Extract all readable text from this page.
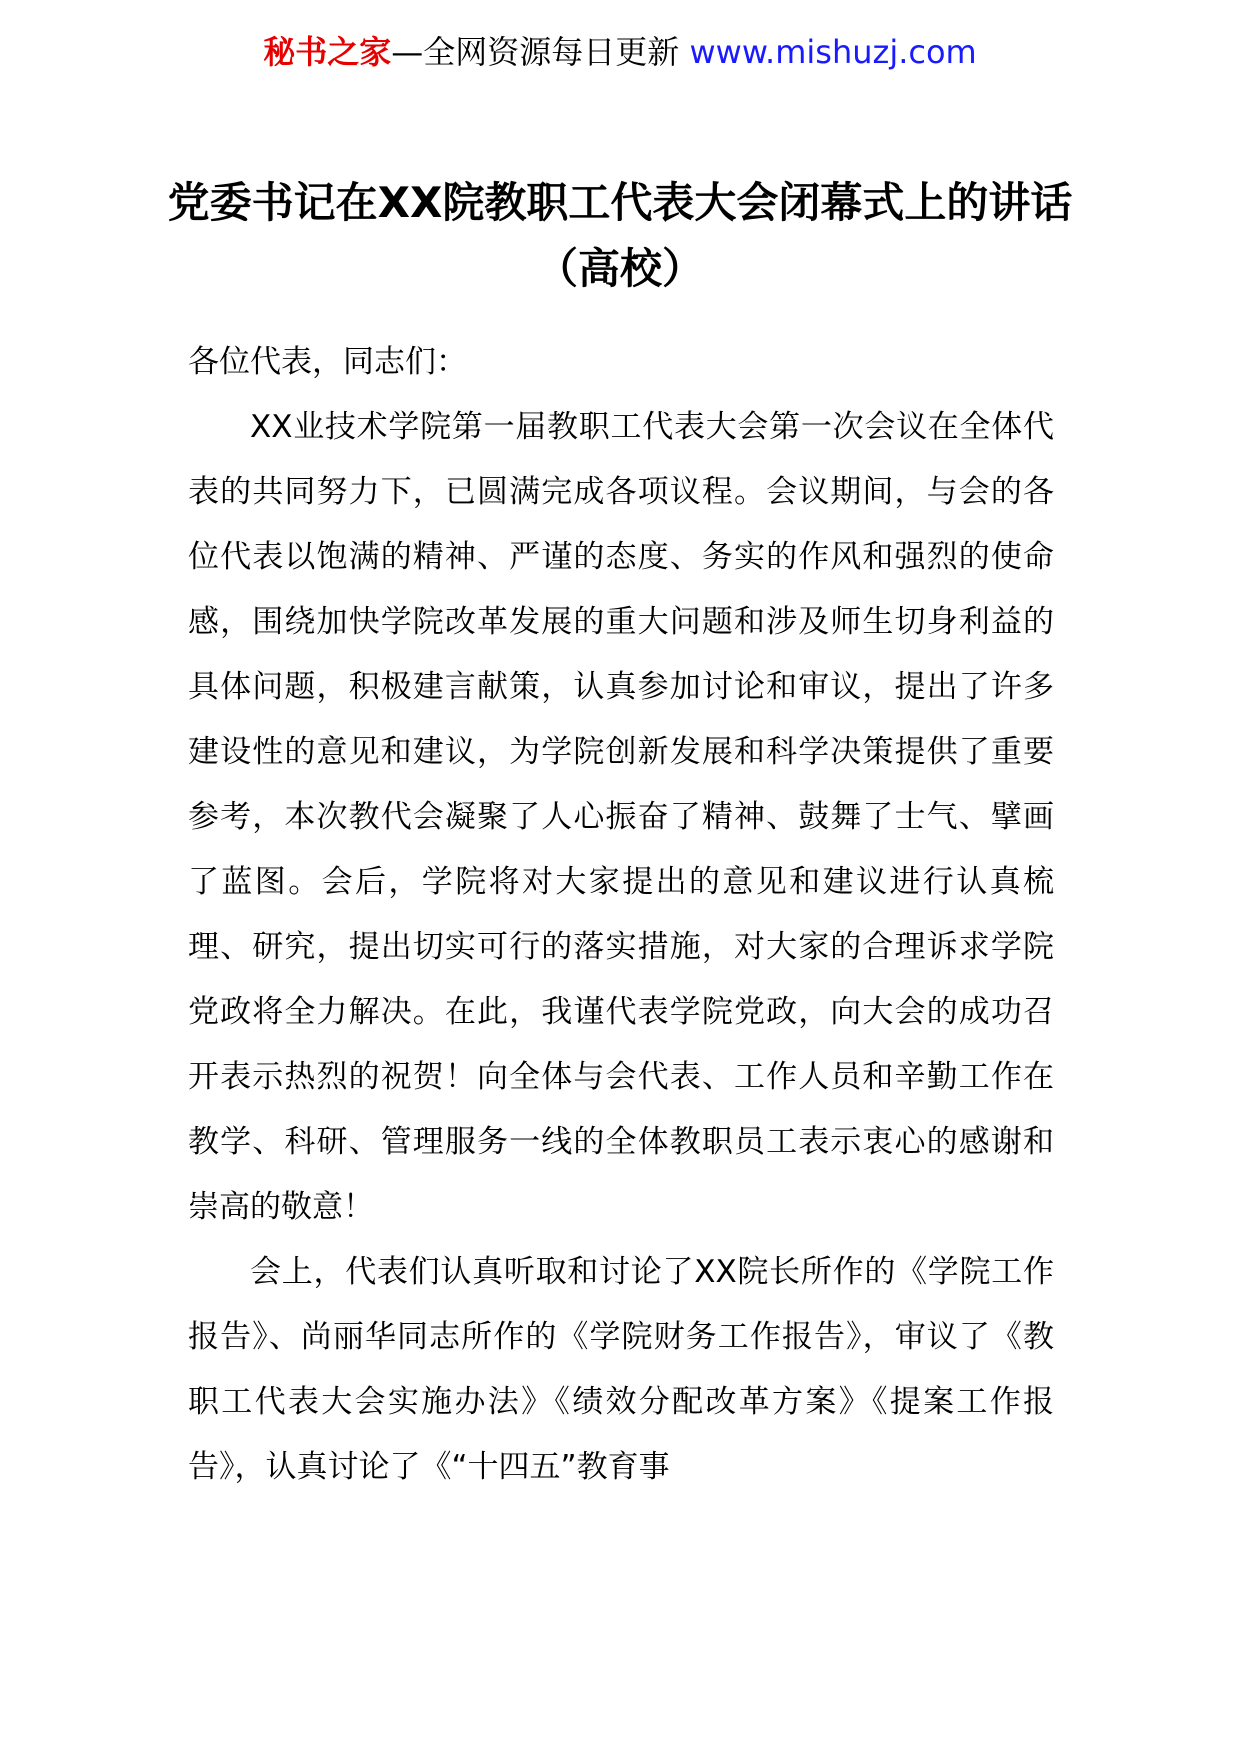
秘书之家—全网资源每日更新 www.mishuzj.com
党委书记在XX院教职工代表大会闭幕式上的讲话（高校）

各位代表，同志们：

XX业技术学院第一届教职工代表大会第一次会议在全体代表的共同努力下，已圆满完成各项议程。会议期间，与会的各位代表以饱满的精神、严谨的态度、务实的作风和强烈的使命感，围绕加快学院改革发展的重大问题和涉及师生切身利益的具体问题，积极建言献策，认真参加讨论和审议，提出了许多建设性的意见和建议，为学院创新发展和科学决策提供了重要参考，本次教代会凝聚了人心振奋了精神、鼓舞了士气、擘画了蓝图。会后，学院将对大家提出的意见和建议进行认真梳理、研究，提出切实可行的落实措施，对大家的合理诉求学院党政将全力解决。在此，我谨代表学院党政，向大会的成功召开表示热烈的祝贺！向全体与会代表、工作人员和辛勤工作在教学、科研、管理服务一线的全体教职员工表示衷心的感谢和崇高的敬意！

会上，代表们认真听取和讨论了XX院长所作的《学院工作报告》、尚丽华同志所作的《学院财务工作报告》，审议了《教职工代表大会实施办法》《绩效分配改革方案》《提案工作报告》，认真讨论了《“十四五”教育事
